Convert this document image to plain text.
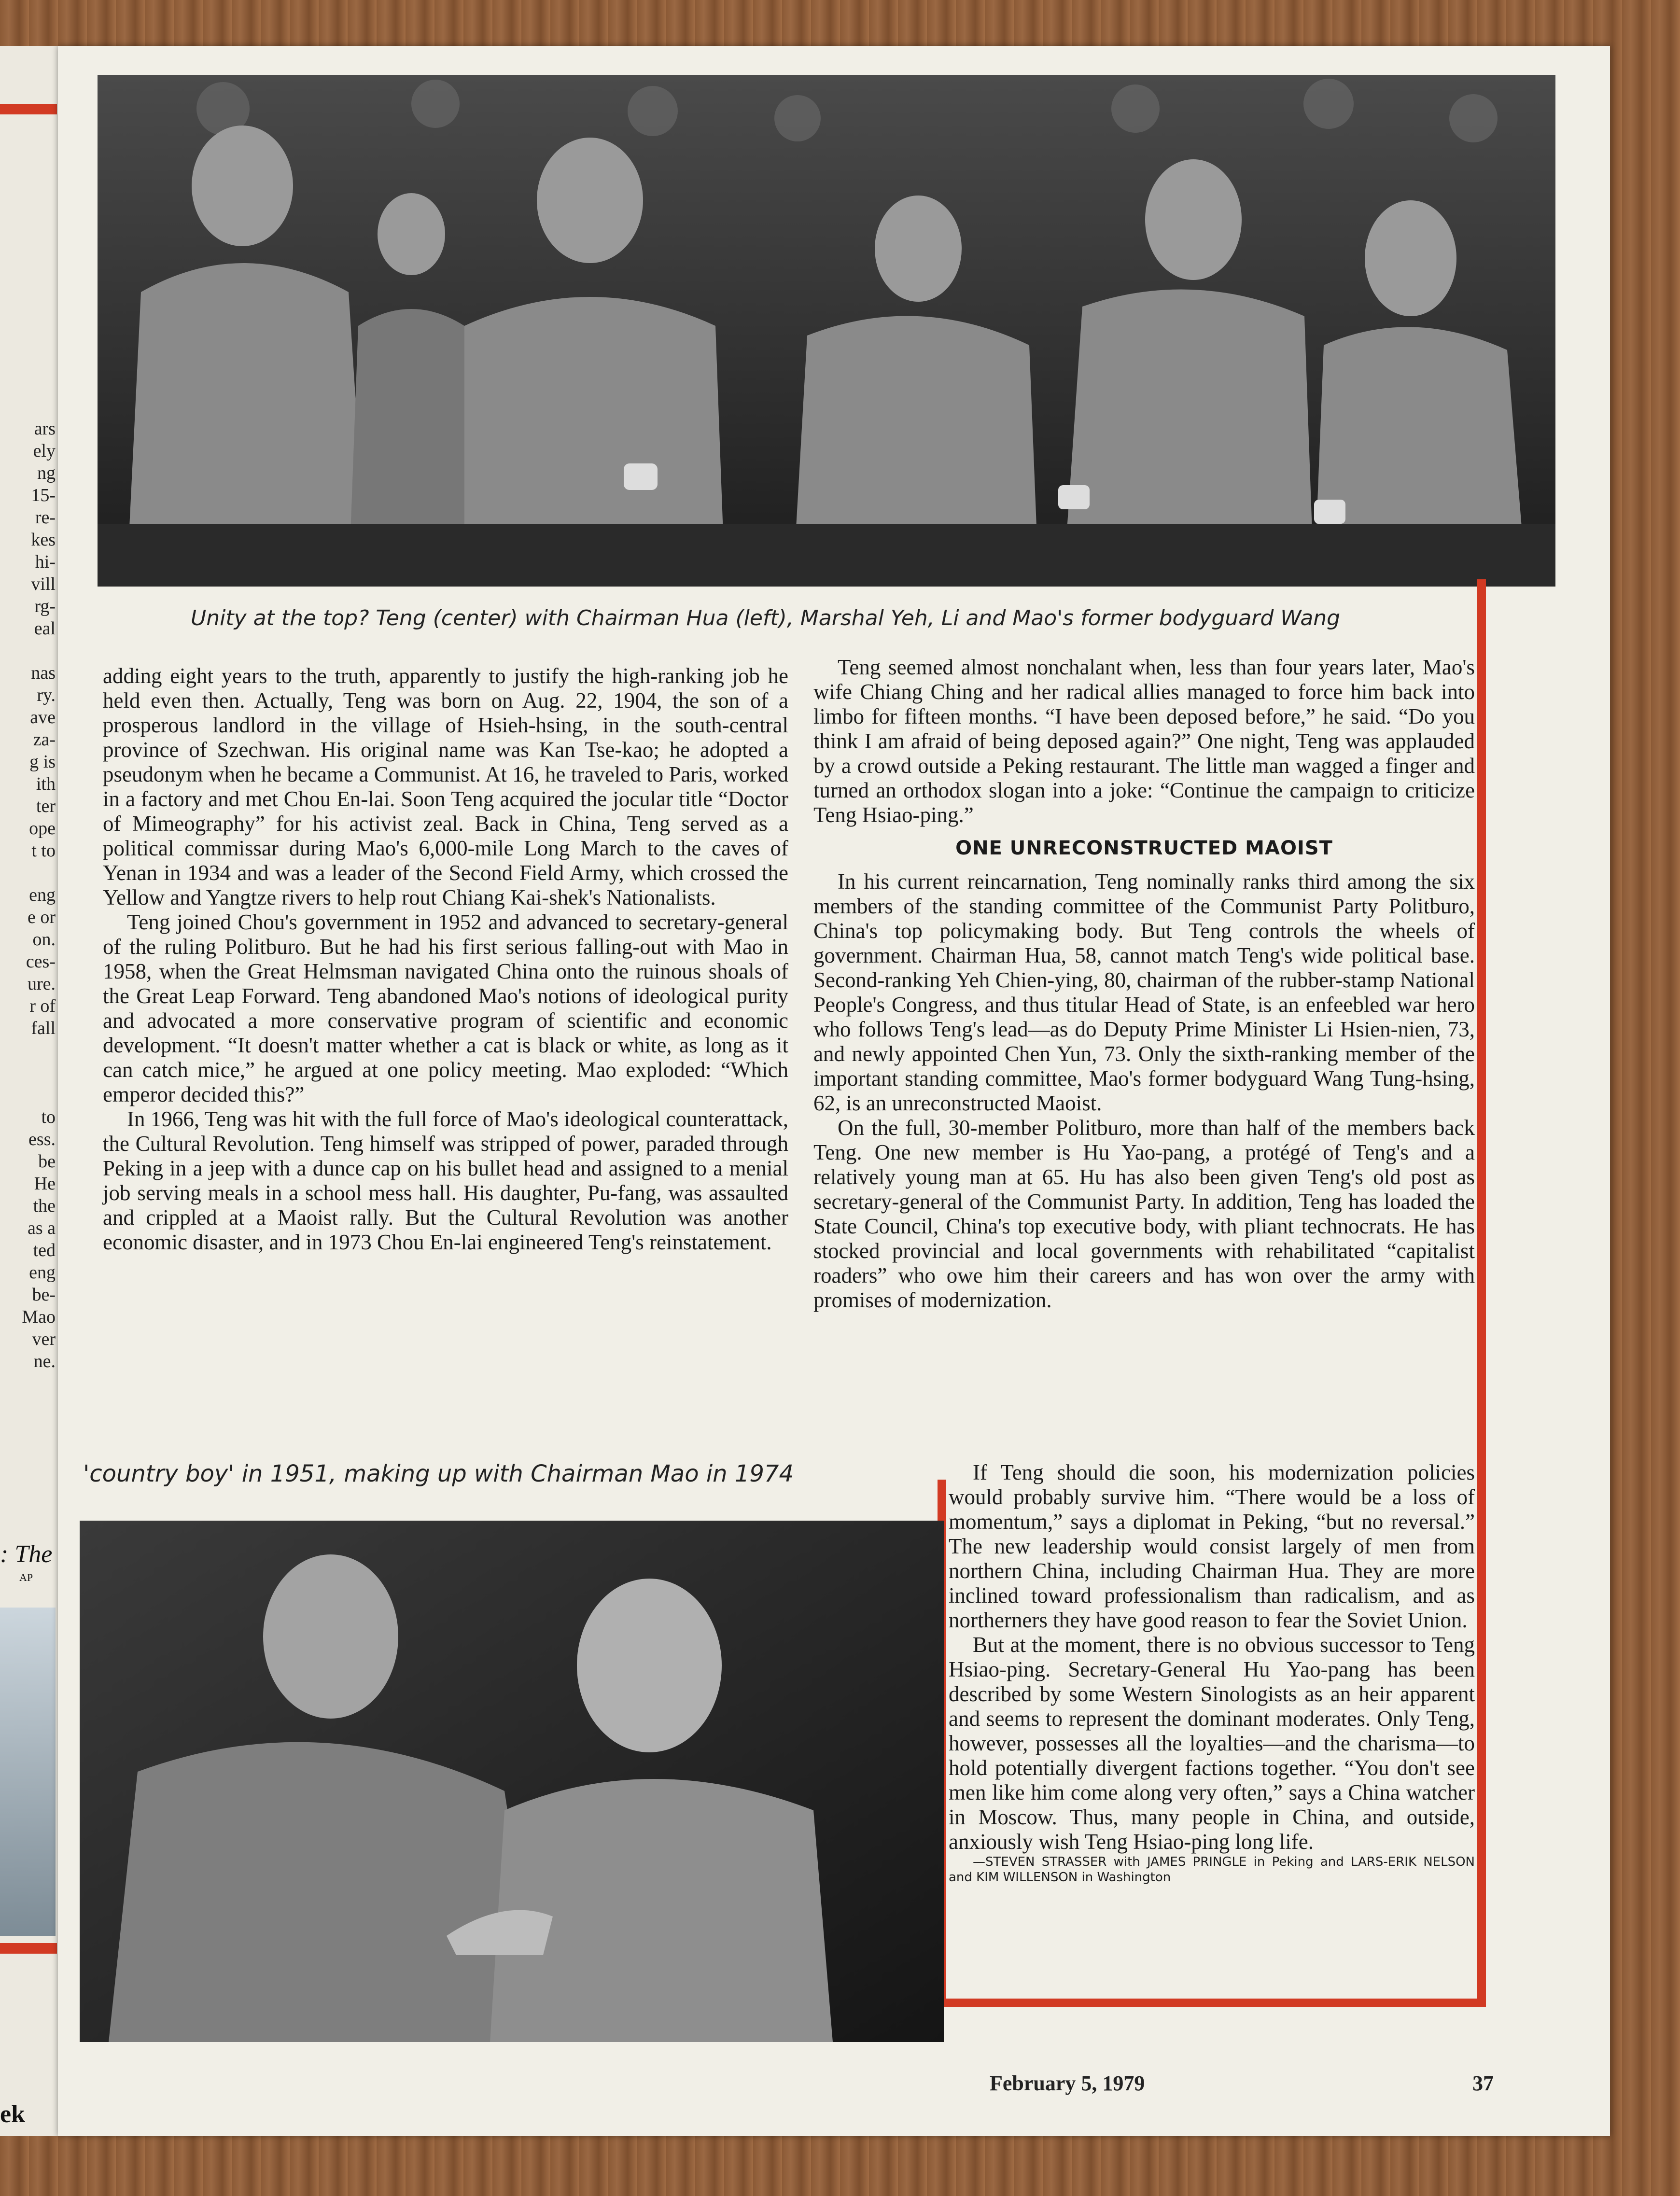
ars
ely
ng
15-
re-
kes
hi-
vill
rg-
eal
nas
ry.
ave
za-
g is
ith
ter
ope
t to
eng
e or
on.
ces-
ure.
r of
fall
to
ess.
be
He
the
as a
ted
eng
be-
Mao
ver
ne.
: The
AP
ek
Unity at the top? Teng (center) with Chairman Hua (left), Marshal Yeh, Li and Mao's former bodyguard Wang

adding eight years to the truth, apparently to justify the high-ranking job he held even then. Actually, Teng was born on Aug. 22, 1904, the son of a prosperous landlord in the village of Hsieh-hsing, in the south-central province of Szechwan. His original name was Kan Tse-kao; he adopted a pseudonym when he became a Communist. At 16, he traveled to Paris, worked in a factory and met Chou En-lai. Soon Teng acquired the jocular title “Doctor of Mimeography” for his activist zeal. Back in China, Teng served as a political commissar during Mao's 6,000-mile Long March to the caves of Yenan in 1934 and was a leader of the Second Field Army, which crossed the Yellow and Yangtze rivers to help rout Chiang Kai-shek's Nationalists.

Teng joined Chou's government in 1952 and advanced to secretary-general of the ruling Politburo. But he had his first serious falling-out with Mao in 1958, when the Great Helmsman navigated China onto the ruinous shoals of the Great Leap Forward. Teng abandoned Mao's notions of ideological purity and advocated a more conservative program of scientific and economic development. “It doesn't matter whether a cat is black or white, as long as it can catch mice,” he argued at one policy meeting. Mao exploded: “Which emperor decided this?”

In 1966, Teng was hit with the full force of Mao's ideological counterattack, the Cultural Revolution. Teng himself was stripped of power, paraded through Peking in a jeep with a dunce cap on his bullet head and assigned to a menial job serving meals in a school mess hall. His daughter, Pu-fang, was assaulted and crippled at a Maoist rally. But the Cultural Revolution was another economic disaster, and in 1973 Chou En-lai engineered Teng's reinstatement.

'country boy' in 1951, making up with Chairman Mao in 1974

Teng seemed almost nonchalant when, less than four years later, Mao's wife Chiang Ching and her radical allies managed to force him back into limbo for fifteen months. “I have been deposed before,” he said. “Do you think I am afraid of being deposed again?” One night, Teng was applauded by a crowd outside a Peking restaurant. The little man wagged a finger and turned an orthodox slogan into a joke: “Continue the campaign to criticize Teng Hsiao-ping.”

ONE UNRECONSTRUCTED MAOIST

In his current reincarnation, Teng nominally ranks third among the six members of the standing committee of the Communist Party Politburo, China's top policymaking body. But Teng controls the wheels of government. Chairman Hua, 58, cannot match Teng's wide political base. Second-ranking Yeh Chien-ying, 80, chairman of the rubber-stamp National People's Congress, and thus titular Head of State, is an enfeebled war hero who follows Teng's lead—as do Deputy Prime Minister Li Hsien-nien, 73, and newly appointed Chen Yun, 73. Only the sixth-ranking member of the important standing committee, Mao's former bodyguard Wang Tung-hsing, 62, is an unreconstructed Maoist.

On the full, 30-member Politburo, more than half of the members back Teng. One new member is Hu Yao-pang, a protégé of Teng's and a relatively young man at 65. Hu has also been given Teng's old post as secretary-general of the Communist Party. In addition, Teng has loaded the State Council, China's top executive body, with pliant technocrats. He has stocked provincial and local governments with rehabilitated “capitalist roaders” who owe him their careers and has won over the army with promises of modernization.

If Teng should die soon, his modernization policies would probably survive him. “There would be a loss of momentum,” says a diplomat in Peking, “but no reversal.” The new leadership would consist largely of men from northern China, including Chairman Hua. They are more inclined toward professionalism than radicalism, and as northerners they have good reason to fear the Soviet Union.

But at the moment, there is no obvious successor to Teng Hsiao-ping. Secretary-General Hu Yao-pang has been described by some Western Sinologists as an heir apparent and seems to represent the dominant moderates. Only Teng, however, possesses all the loyalties—and the charisma—to hold potentially divergent factions together. “You don't see men like him come along very often,” says a China watcher in Moscow. Thus, many people in China, and outside, anxiously wish Teng Hsiao-ping long life.

—STEVEN STRASSER with JAMES PRINGLE in Peking and LARS-ERIK NELSON and KIM WILLENSON in Washington

February 5, 1979	37
